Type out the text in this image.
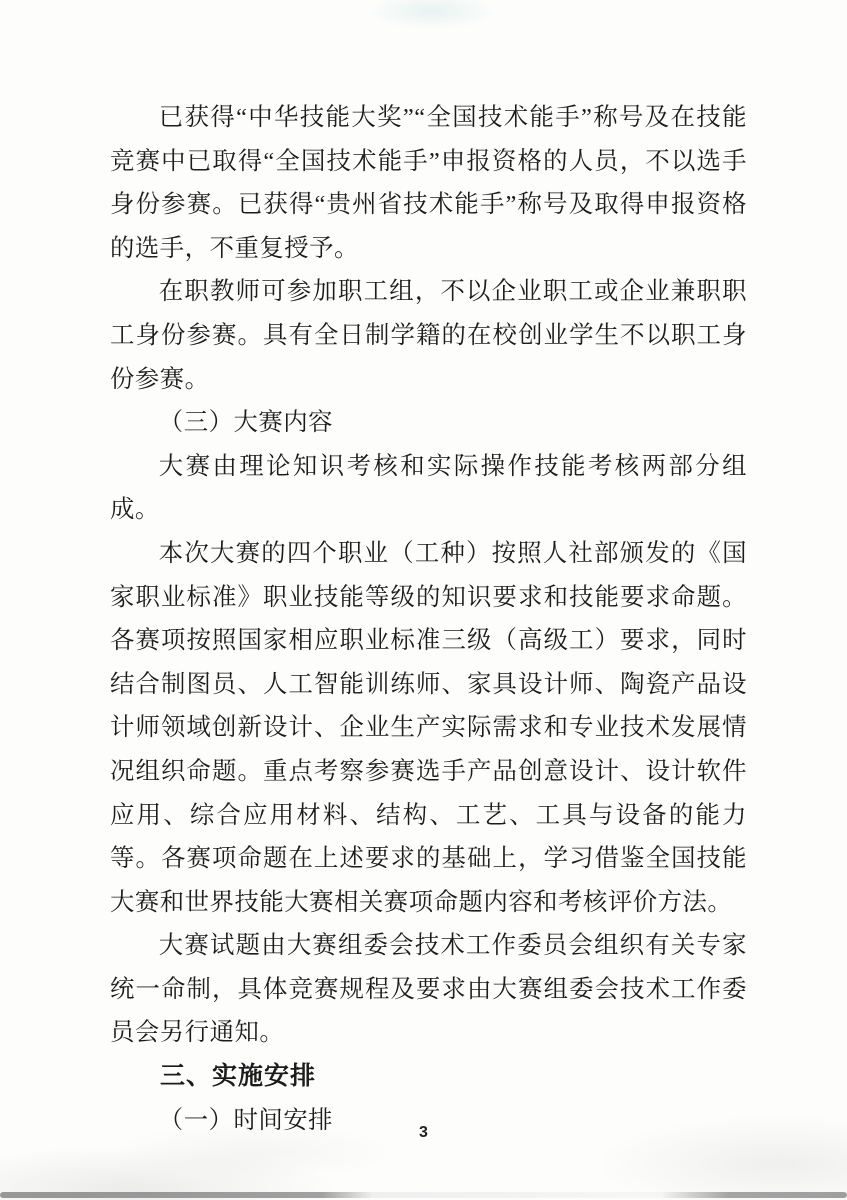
已获得“中华技能大奖”“全国技术能手”称号及在技能竞赛中已取得“全国技术能手”申报资格的人员，不以选手身份参赛。已获得“贵州省技术能手”称号及取得申报资格的选手，不重复授予。

在职教师可参加职工组，不以企业职工或企业兼职职工身份参赛。具有全日制学籍的在校创业学生不以职工身份参赛。

（三）大赛内容

大赛由理论知识考核和实际操作技能考核两部分组成。

本次大赛的四个职业（工种）按照人社部颁发的《国家职业标准》职业技能等级的知识要求和技能要求命题。各赛项按照国家相应职业标准三级（高级工）要求，同时结合制图员、人工智能训练师、家具设计师、陶瓷产品设计师领域创新设计、企业生产实际需求和专业技术发展情况组织命题。重点考察参赛选手产品创意设计、设计软件应用、综合应用材料、结构、工艺、工具与设备的能力等。各赛项命题在上述要求的基础上，学习借鉴全国技能大赛和世界技能大赛相关赛项命题内容和考核评价方法。

大赛试题由大赛组委会技术工作委员会组织有关专家统一命制，具体竞赛规程及要求由大赛组委会技术工作委员会另行通知。

三、实施安排

（一）时间安排	3
